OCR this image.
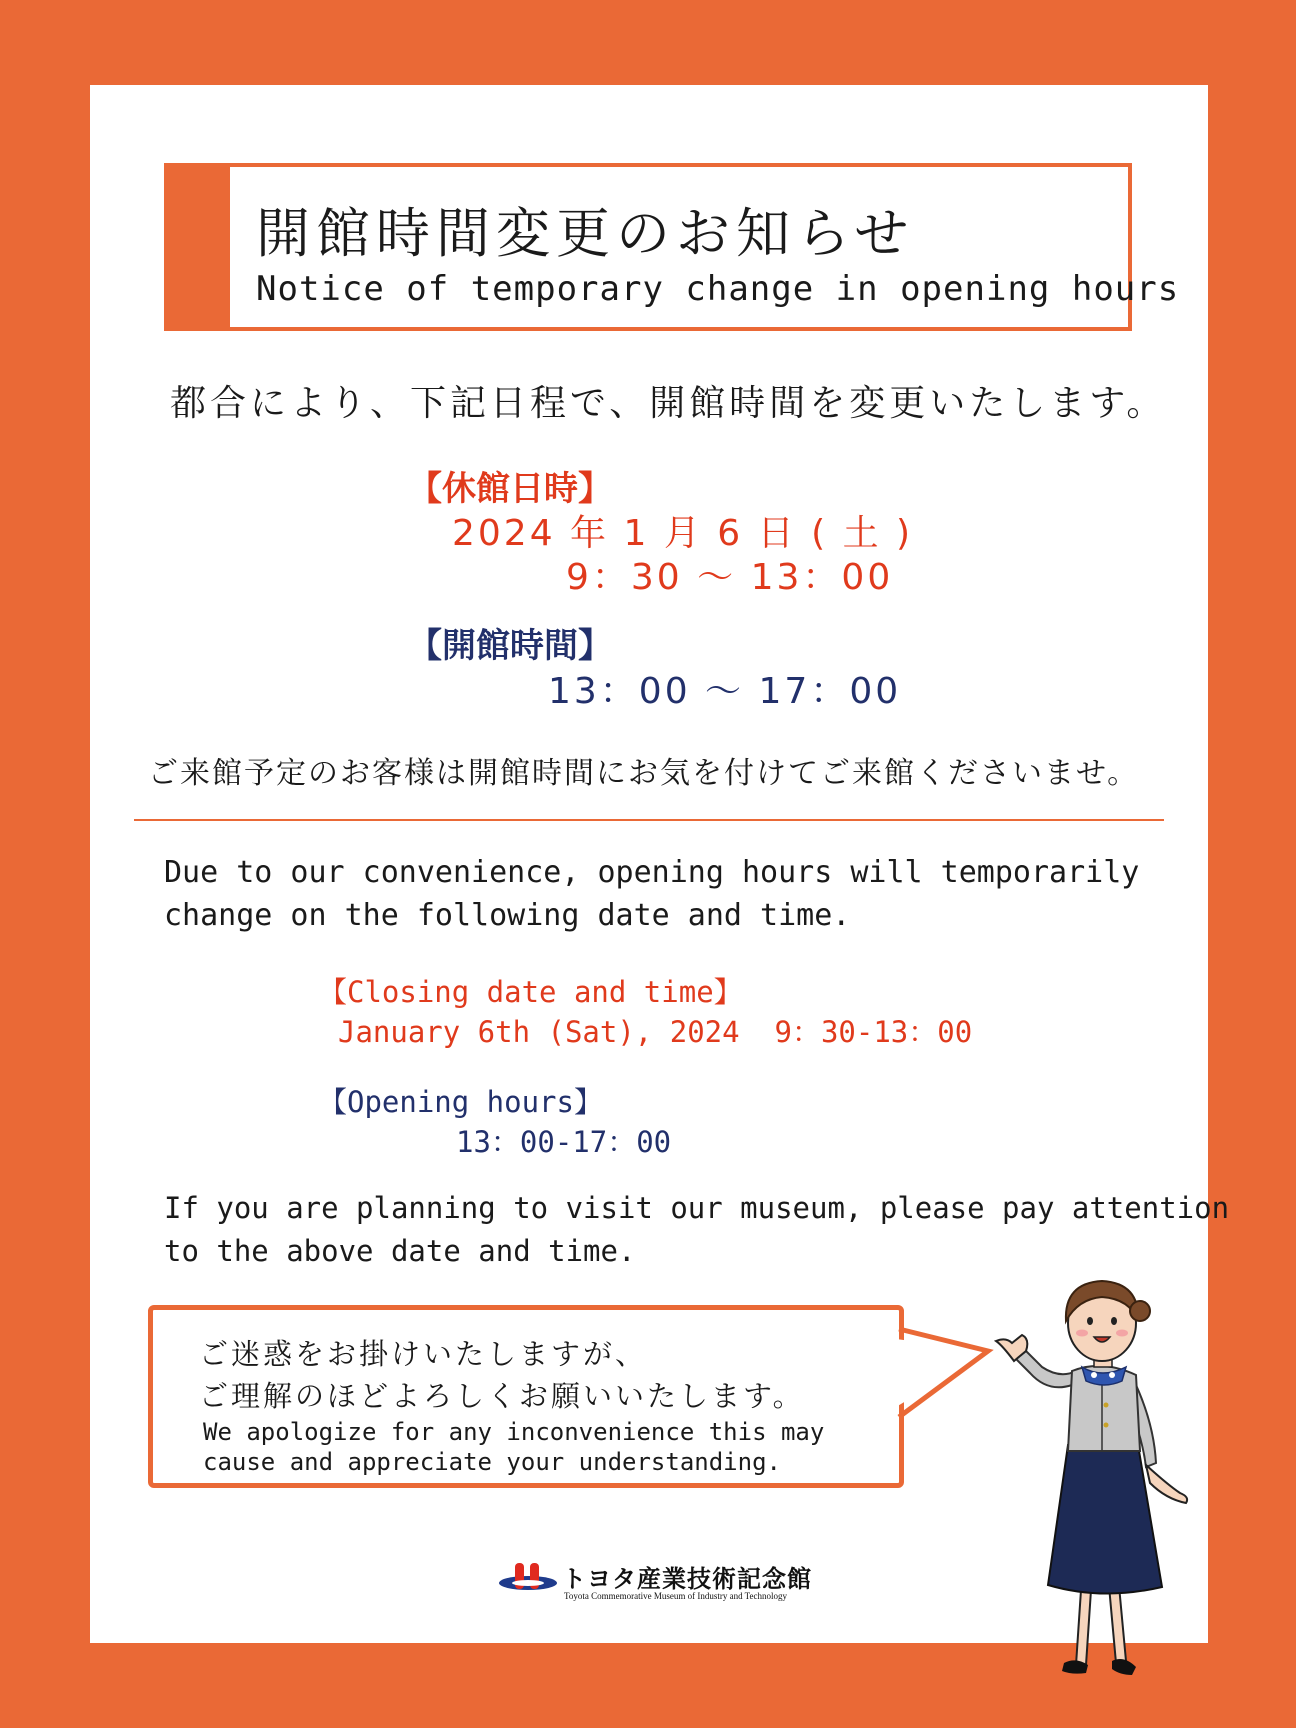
開館時間変更のお知らせ
Notice of temporary change in opening hours
都合により、下記日程で、開館時間を変更いたします。
【休館日時】
2024 年 1 月 6 日 ( 土 )
9：30 ～ 13：00
【開館時間】
13：00 ～ 17：00
ご来館予定のお客様は開館時間にお気を付けてご来館くださいませ。
Due to our convenience, opening hours will temporarily
change on the following date and time.
【Closing date and time】
January 6th (Sat), 2024  9：30-13：00
【Opening hours】
13：00-17：00
If you are planning to visit our museum, please pay attention
to the above date and time.
ご迷惑をお掛けいたしますが、
ご理解のほどよろしくお願いいたします。
We apologize for any inconvenience this may
cause and appreciate your understanding.
トヨタ産業技術記念館
Toyota Commemorative Museum of Industry and Technology
